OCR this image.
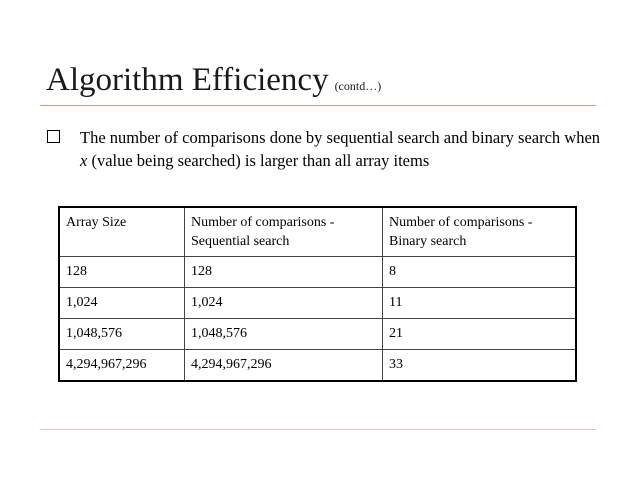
Algorithm Efficiency (contd…)
The number of comparisons done by sequential search and binary search when x (value being searched) is larger than all array items
Array Size	Number of comparisons - Sequential search	Number of comparisons - Binary search
128	128	8
1,024	1,024	11
1,048,576	1,048,576	21
4,294,967,296	4,294,967,296	33
